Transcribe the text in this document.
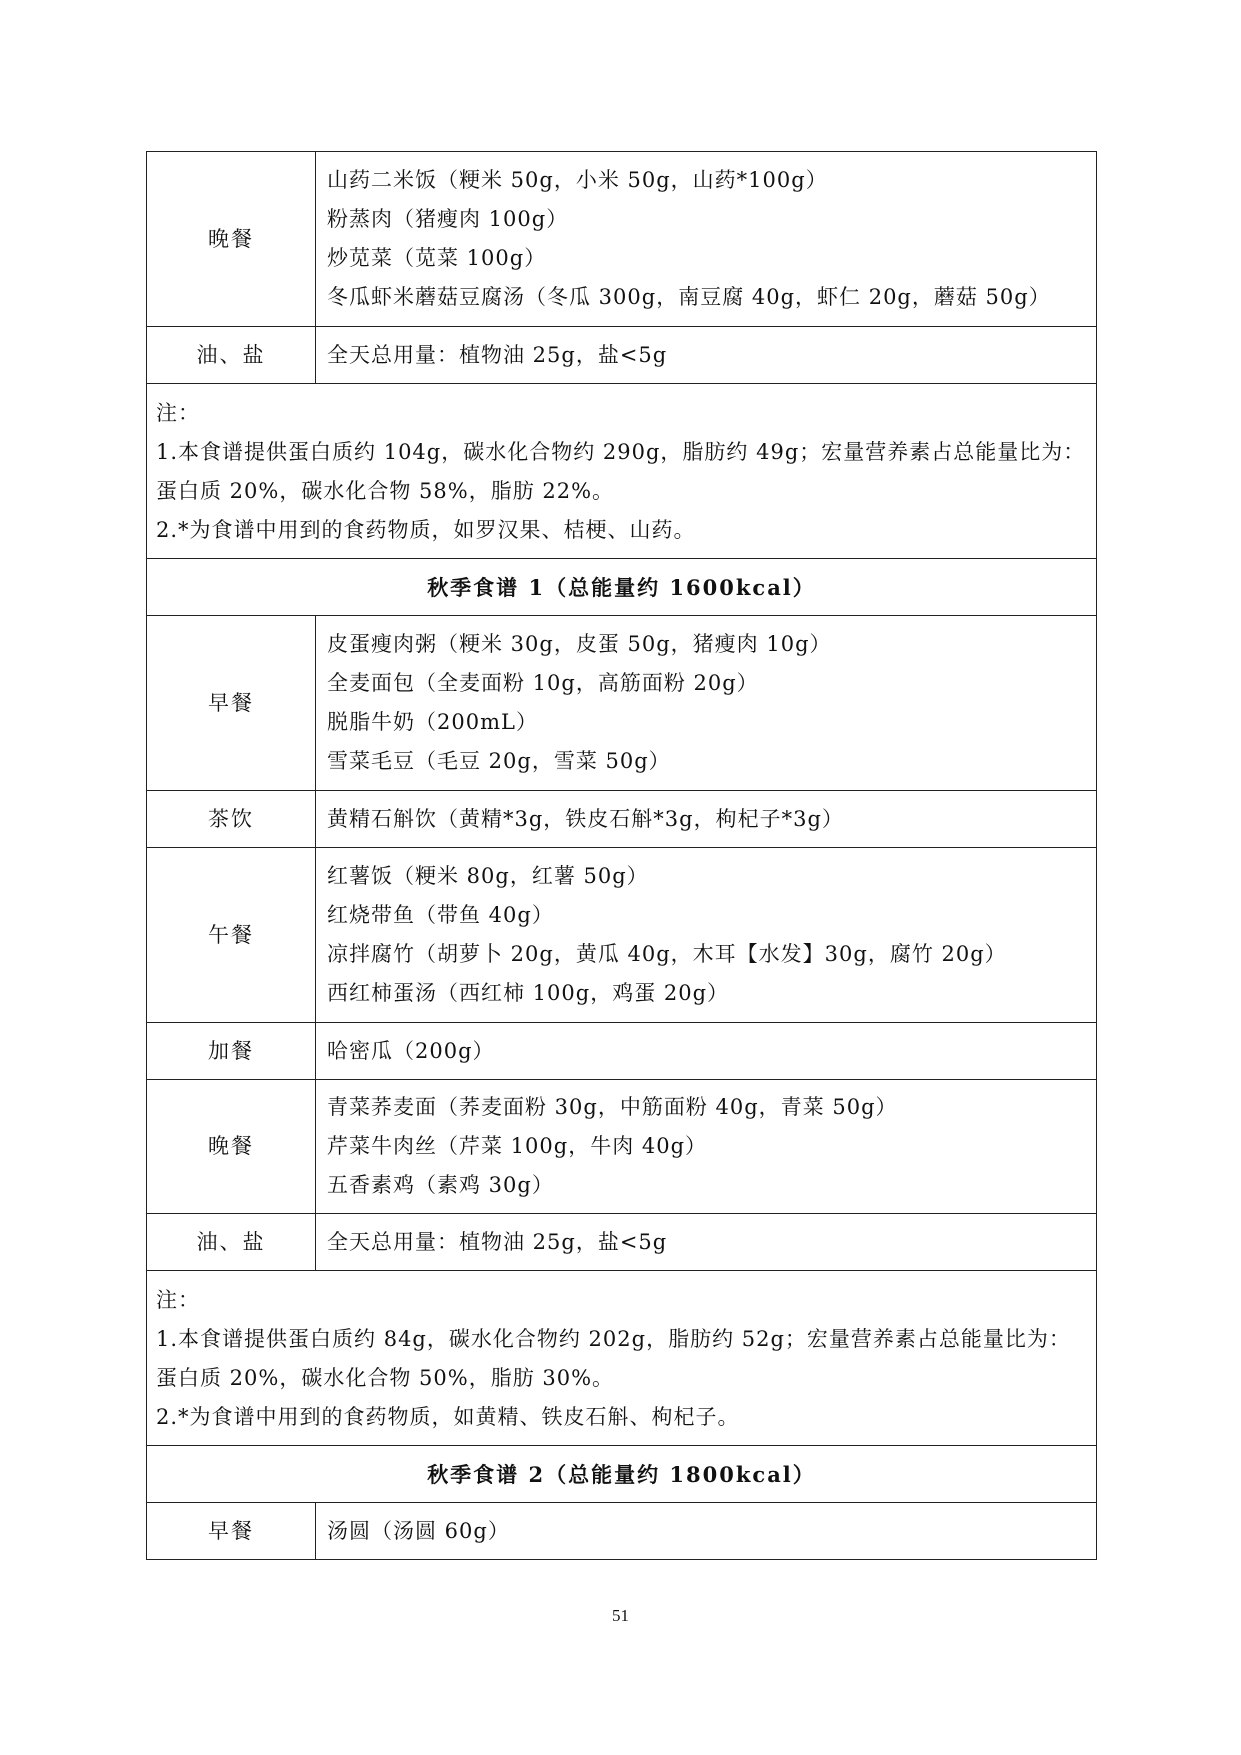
晚餐	山药二米饭（粳米 50g，小米 50g，山药*100g）
粉蒸肉（猪瘦肉 100g）
炒苋菜（苋菜 100g）
冬瓜虾米蘑菇豆腐汤（冬瓜 300g，南豆腐 40g，虾仁 20g，蘑菇 50g）

油、盐	全天总用量：植物油 25g，盐<5g

注：
1.本食谱提供蛋白质约 104g，碳水化合物约 290g，脂肪约 49g；宏量营养素占总能量比为：蛋白质 20%，碳水化合物 58%，脂肪 22%。
2.*为食谱中用到的食药物质，如罗汉果、桔梗、山药。	

秋季食谱 1（总能量约 1600kcal）	
早餐	皮蛋瘦肉粥（粳米 30g，皮蛋 50g，猪瘦肉 10g）
全麦面包（全麦面粉 10g，高筋面粉 20g）
脱脂牛奶（200mL）
雪菜毛豆（毛豆 20g，雪菜 50g）

茶饮	黄精石斛饮（黄精*3g，铁皮石斛*3g，枸杞子*3g）

午餐	红薯饭（粳米 80g，红薯 50g）
红烧带鱼（带鱼 40g）
凉拌腐竹（胡萝卜 20g，黄瓜 40g，木耳【水发】30g，腐竹 20g）
西红柿蛋汤（西红柿 100g，鸡蛋 20g）

加餐	哈密瓜（200g）

晚餐	青菜荞麦面（荞麦面粉 30g，中筋面粉 40g，青菜 50g）
芹菜牛肉丝（芹菜 100g，牛肉 40g）
五香素鸡（素鸡 30g）

油、盐	全天总用量：植物油 25g，盐<5g

注：
1.本食谱提供蛋白质约 84g，碳水化合物约 202g，脂肪约 52g；宏量营养素占总能量比为：蛋白质 20%，碳水化合物 50%，脂肪 30%。
2.*为食谱中用到的食药物质，如黄精、铁皮石斛、枸杞子。	

秋季食谱 2（总能量约 1800kcal）	
早餐	汤圆（汤圆 60g）
51
